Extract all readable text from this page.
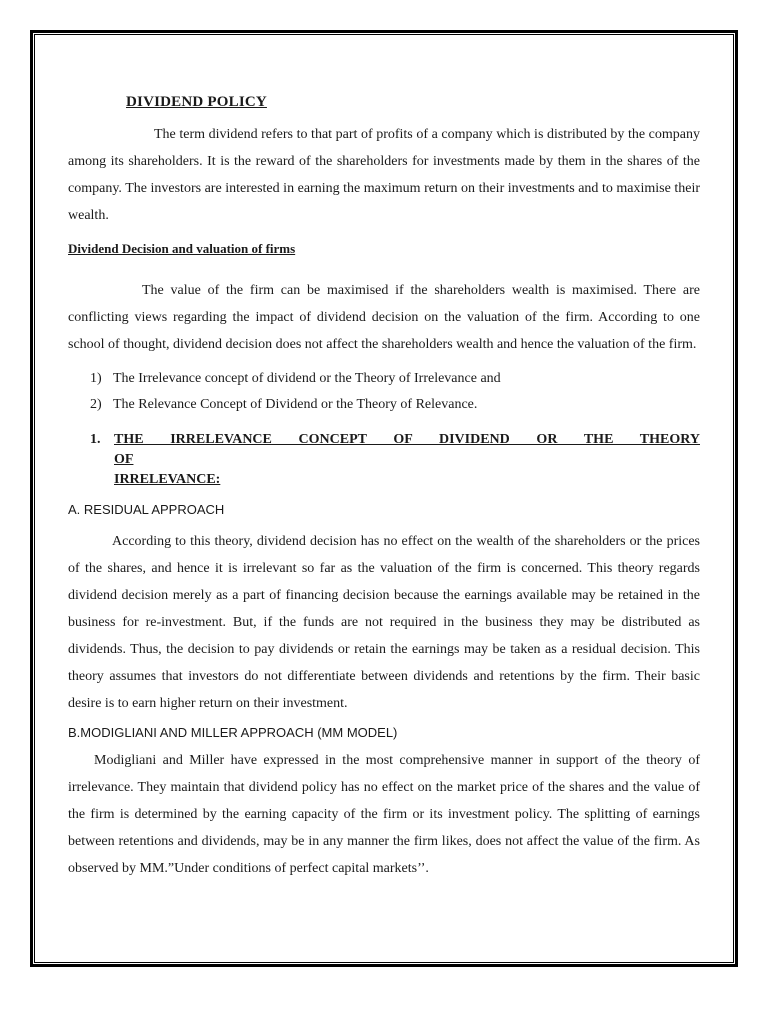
DIVIDEND POLICY

The term dividend refers to that part of profits of a company which is distributed by the company among its shareholders. It is the reward of the shareholders for investments made by them in the shares of the company. The investors are interested in earning the maximum return on their investments and to maximise their wealth.

Dividend Decision and valuation of firms

The value of the firm can be maximised if the shareholders wealth is maximised. There are conflicting views regarding the impact of dividend decision on the valuation of the firm. According to one school of thought, dividend decision does not affect the shareholders wealth and hence the valuation of the firm.

1) The Irrelevance concept of dividend or the Theory of Irrelevance and
2) The Relevance Concept of Dividend or the Theory of Relevance.
1. THE IRRELEVANCE CONCEPT OF DIVIDEND OR THE THEORY OF
IRRELEVANCE:
A. RESIDUAL APPROACH

According to this theory, dividend decision has no effect on the wealth of the shareholders or the prices of the shares, and hence it is irrelevant so far as the valuation of the firm is concerned. This theory regards dividend decision merely as a part of financing decision because the earnings available may be retained in the business for re-investment. But, if the funds are not required in the business they may be distributed as dividends. Thus, the decision to pay dividends or retain the earnings may be taken as a residual decision. This theory assumes that investors do not differentiate between dividends and retentions by the firm. Their basic desire is to earn higher return on their investment.

B.MODIGLIANI AND MILLER APPROACH (MM MODEL)

Modigliani and Miller have expressed in the most comprehensive manner in support of the theory of irrelevance. They maintain that dividend policy has no effect on the market price of the shares and the value of the firm is determined by the earning capacity of the firm or its investment policy. The splitting of earnings between retentions and dividends, may be in any manner the firm likes, does not affect the value of the firm. As observed by MM.”Under conditions of perfect capital markets’’.
